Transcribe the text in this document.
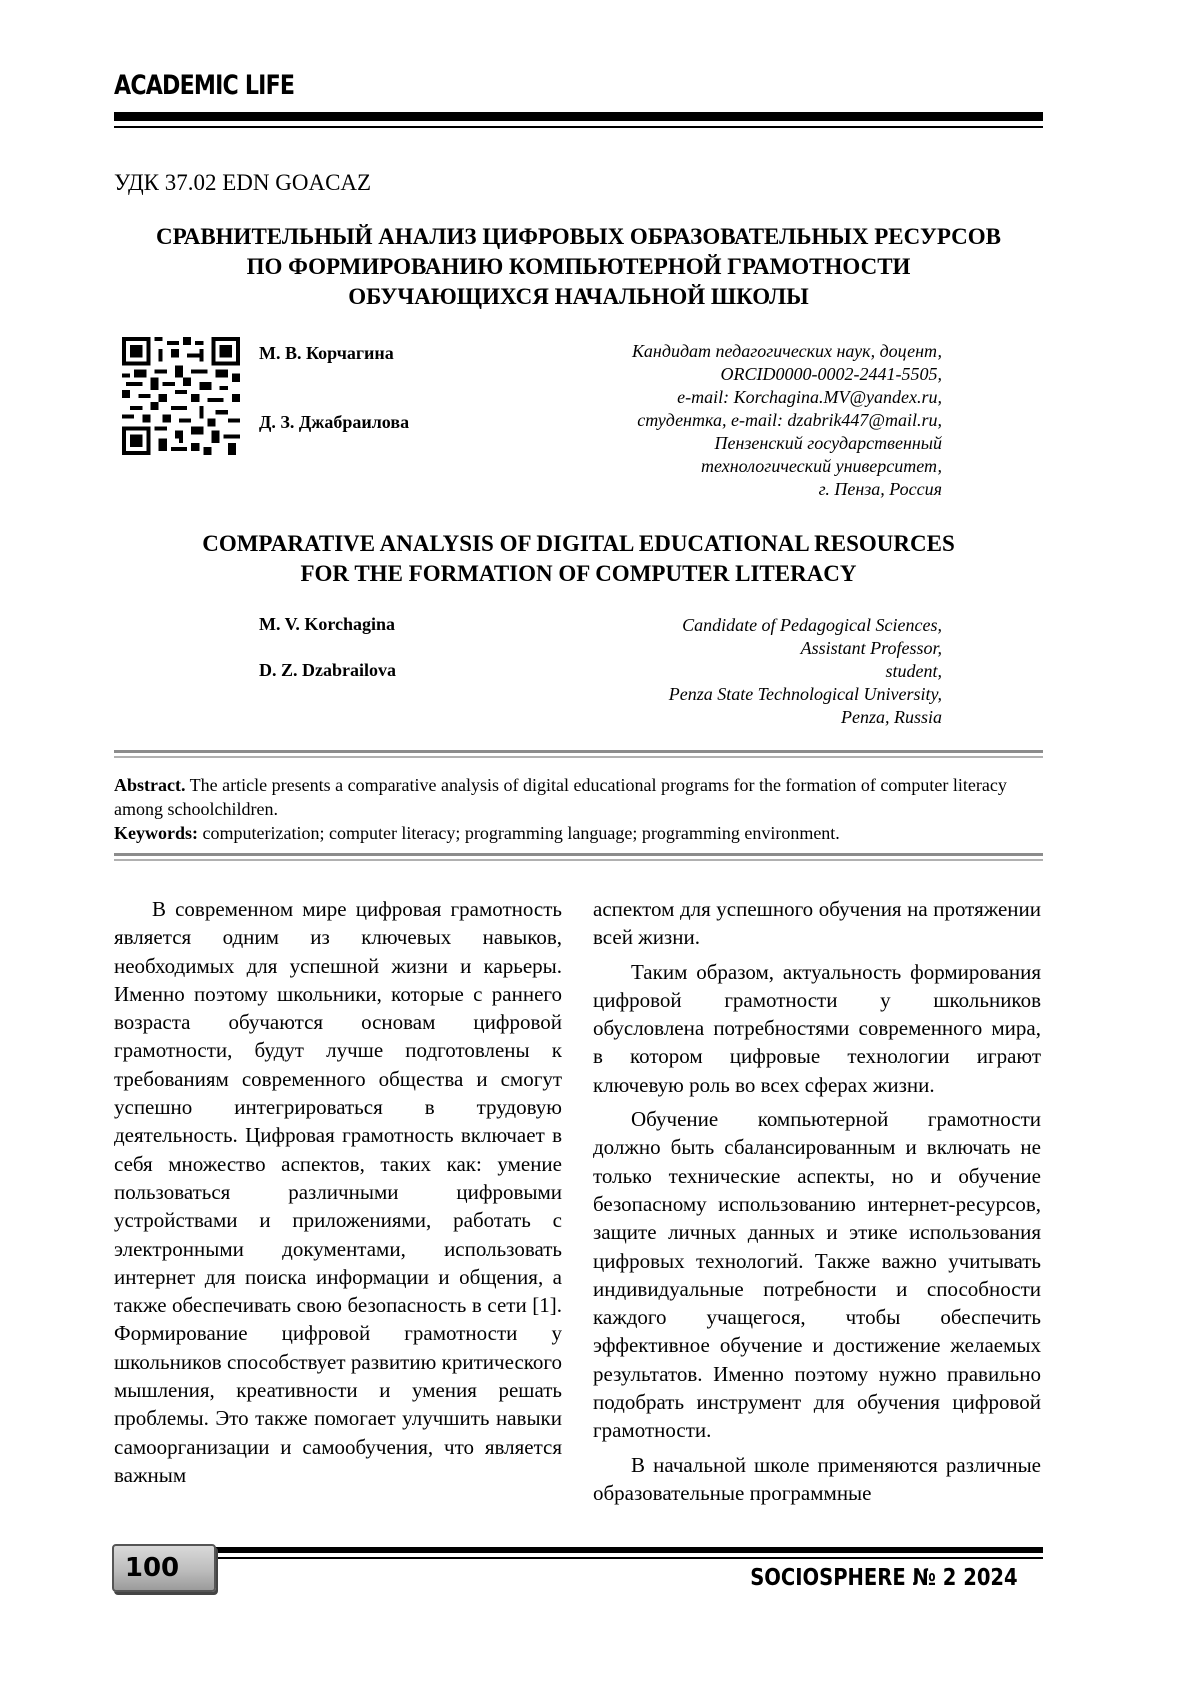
ACADEMIC LIFE
УДК 37.02 EDN GOACAZ
СРАВНИТЕЛЬНЫЙ АНАЛИЗ ЦИФРОВЫХ ОБРАЗОВАТЕЛЬНЫХ РЕСУРСОВ
ПО ФОРМИРОВАНИЮ КОМПЬЮТЕРНОЙ ГРАМОТНОСТИ
ОБУЧАЮЩИХСЯ НАЧАЛЬНОЙ ШКОЛЫ
М. В. Корчагина
Д. З. Джабраилова
Кандидат педагогических наук, доцент,
ORCID0000-0002-2441-5505,
e-mail: Korchagina.MV@yandex.ru,
студентка, e-mail: dzabrik447@mail.ru,
Пензенский государственный
технологический университет,
г. Пенза, Россия
COMPARATIVE ANALYSIS OF DIGITAL EDUCATIONAL RESOURCES
FOR THE FORMATION OF COMPUTER LITERACY
M. V. Korchagina
D. Z. Dzabrailova
Candidate of Pedagogical Sciences,
Assistant Professor,
student,
Penza State Technological University,
Penza, Russia

Abstract. The article presents a comparative analysis of digital educational programs for the formation of computer literacy among schoolchildren.

Keywords: computerization; computer literacy; programming language; programming environment.

В современном мире цифровая грамотность является одним из ключевых навыков, необходимых для успешной жизни и карьеры. Именно поэтому школьники, которые с раннего возраста обучаются основам цифровой грамотности, будут лучше подготовлены к требованиям современного общества и смогут успешно интегрироваться в трудовую деятельность. Цифровая грамотность включает в себя множество аспектов, таких как: умение пользоваться различными цифровыми устройствами и приложениями, работать с электронными документами, использовать интернет для поиска информации и общения, а также обеспечивать свою безопасность в сети [1]. Формирование цифровой грамотности у школьников способствует развитию критического мышления, креативности и умения решать проблемы. Это также помогает улучшить навыки самоорганизации и самообучения, что является важным

аспектом для успешного обучения на протяжении всей жизни.

Таким образом, актуальность формирования цифровой грамотности у школьников обусловлена потребностями современного мира, в котором цифровые технологии играют ключевую роль во всех сферах жизни.

Обучение компьютерной грамотности должно быть сбалансированным и включать не только технические аспекты, но и обучение безопасному использованию интернет-ресурсов, защите личных данных и этике использования цифровых технологий. Также важно учитывать индивидуальные потребности и способности каждого учащегося, чтобы обеспечить эффективное обучение и достижение желаемых результатов. Именно поэтому нужно правильно подобрать инструмент для обучения цифровой грамотности.

В начальной школе применяются различные образовательные программные

100	SOCIOSPHERE № 2 2024
